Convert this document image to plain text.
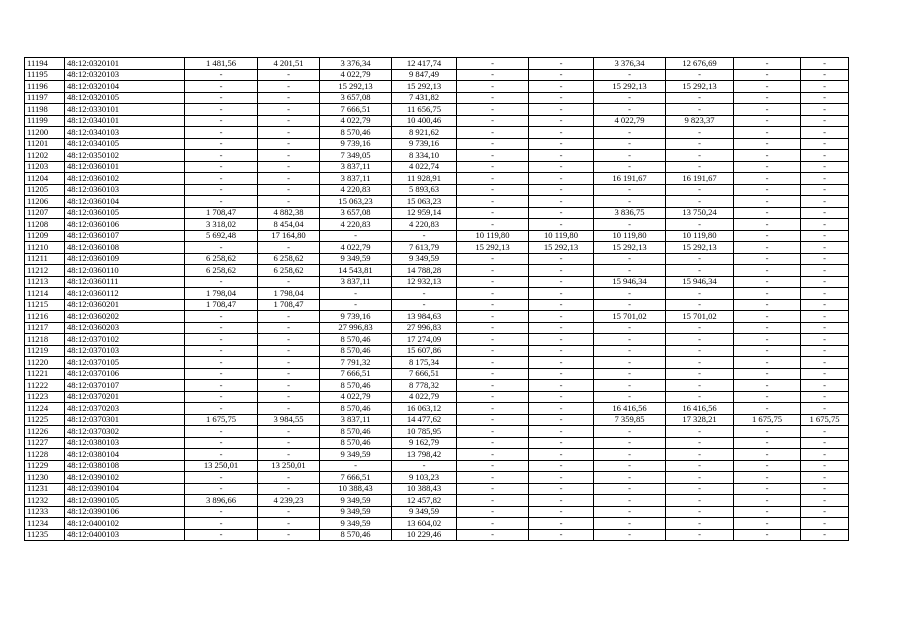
11194	48:12:0320101	1 481,56	4 201,51	3 376,34	12 417,74	-	-	3 376,34	12 676,69	-	-
11195	48:12:0320103	-	-	4 022,79	9 847,49	-	-	-	-	-	-
11196	48:12:0320104	-	-	15 292,13	15 292,13	-	-	15 292,13	15 292,13	-	-
11197	48:12:0320105	-	-	3 657,08	7 431,82	-	-	-	-	-	-
11198	48:12:0330101	-	-	7 666,51	11 656,75	-	-	-	-	-	-
11199	48:12:0340101	-	-	4 022,79	10 400,46	-	-	4 022,79	9 823,37	-	-
11200	48:12:0340103	-	-	8 570,46	8 921,62	-	-	-	-	-	-
11201	48:12:0340105	-	-	9 739,16	9 739,16	-	-	-	-	-	-
11202	48:12:0350102	-	-	7 349,05	8 334,10	-	-	-	-	-	-
11203	48:12:0360101	-	-	3 837,11	4 022,74	-	-	-	-	-	-
11204	48:12:0360102	-	-	3 837,11	11 928,91	-	-	16 191,67	16 191,67	-	-
11205	48:12:0360103	-	-	4 220,83	5 893,63	-	-	-	-	-	-
11206	48:12:0360104	-	-	15 063,23	15 063,23	-	-	-	-	-	-
11207	48:12:0360105	1 708,47	4 882,38	3 657,08	12 959,14	-	-	3 836,75	13 750,24	-	-
11208	48:12:0360106	3 318,02	8 454,04	4 220,83	4 220,83	-	-	-	-	-	-
11209	48:12:0360107	5 692,48	17 164,80	-	-	10 119,80	10 119,80	10 119,80	10 119,80	-	-
11210	48:12:0360108	-	-	4 022,79	7 613,79	15 292,13	15 292,13	15 292,13	15 292,13	-	-
11211	48:12:0360109	6 258,62	6 258,62	9 349,59	9 349,59	-	-	-	-	-	-
11212	48:12:0360110	6 258,62	6 258,62	14 543,81	14 788,28	-	-	-	-	-	-
11213	48:12:0360111	-	-	3 837,11	12 932,13	-	-	15 946,34	15 946,34	-	-
11214	48:12:0360112	1 798,04	1 798,04	-	-	-	-	-	-	-	-
11215	48:12:0360201	1 708,47	1 708,47	-	-	-	-	-	-	-	-
11216	48:12:0360202	-	-	9 739,16	13 984,63	-	-	15 701,02	15 701,02	-	-
11217	48:12:0360203	-	-	27 996,83	27 996,83	-	-	-	-	-	-
11218	48:12:0370102	-	-	8 570,46	17 274,09	-	-	-	-	-	-
11219	48:12:0370103	-	-	8 570,46	15 607,86	-	-	-	-	-	-
11220	48:12:0370105	-	-	7 791,32	8 175,34	-	-	-	-	-	-
11221	48:12:0370106	-	-	7 666,51	7 666,51	-	-	-	-	-	-
11222	48:12:0370107	-	-	8 570,46	8 778,32	-	-	-	-	-	-
11223	48:12:0370201	-	-	4 022,79	4 022,79	-	-	-	-	-	-
11224	48:12:0370203	-	-	8 570,46	16 063,12	-	-	16 416,56	16 416,56	-	-
11225	48:12:0370301	1 675,75	3 984,55	3 837,11	14 477,62	-	-	7 359,85	17 328,21	1 675,75	1 675,75
11226	48:12:0370302	-	-	8 570,46	10 785,95	-	-	-	-	-	-
11227	48:12:0380103	-	-	8 570,46	9 162,79	-	-	-	-	-	-
11228	48:12:0380104	-	-	9 349,59	13 798,42	-	-	-	-	-	-
11229	48:12:0380108	13 250,01	13 250,01	-	-	-	-	-	-	-	-
11230	48:12:0390102	-	-	7 666,51	9 103,23	-	-	-	-	-	-
11231	48:12:0390104	-	-	10 388,43	10 388,43	-	-	-	-	-	-
11232	48:12:0390105	3 896,66	4 239,23	9 349,59	12 457,82	-	-	-	-	-	-
11233	48:12:0390106	-	-	9 349,59	9 349,59	-	-	-	-	-	-
11234	48:12:0400102	-	-	9 349,59	13 604,02	-	-	-	-	-	-
11235	48:12:0400103	-	-	8 570,46	10 229,46	-	-	-	-	-	-
